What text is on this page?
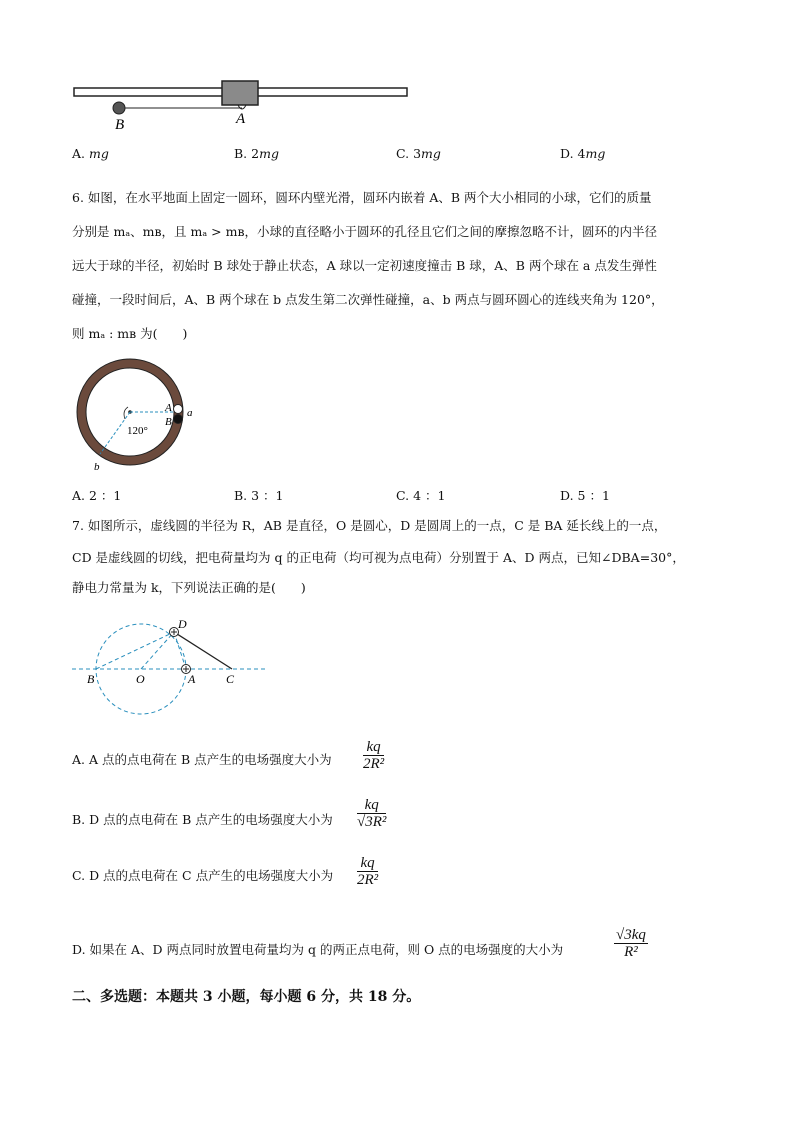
B	A
A. mg	B. 2mg	C. 3mg	D. 4mg
6. 如图，在水平地面上固定一圆环，圆环内壁光滑，圆环内嵌着 A、B 两个大小相同的小球，它们的质量
分别是 mₐ、mʙ，且 mₐ > mʙ，小球的直径略小于圆环的孔径且它们之间的摩擦忽略不计，圆环的内半径
远大于球的半径，初始时 B 球处于静止状态，A 球以一定初速度撞击 B 球，A、B 两个球在 a 点发生弹性
碰撞，一段时间后，A、B 两个球在 b 点发生第二次弹性碰撞，a、b 两点与圆环圆心的连线夹角为 120°，
则 mₐ : mʙ 为(　　)
A
B
a
b
120°
A. 2 ：1	B. 3 ：1	C. 4 ：1	D. 5 ：1
7. 如图所示，虚线圆的半径为 R，AB 是直径，O 是圆心，D 是圆周上的一点，C 是 BA 延长线上的一点，
CD 是虚线圆的切线，把电荷量均为 q 的正电荷（均可视为点电荷）分别置于 A、D 两点，已知∠DBA=30°，
静电力常量为 k，下列说法正确的是(　　)
D
B	O	A	C
A. A 点的点电荷在 B 点产生的电场强度大小为 $\frac{kq}{\text{2R²}}$
B. D 点的点电荷在 B 点产生的电场强度大小为 $\frac{kq}{\text{√3R²}}$
C. D 点的点电荷在 C 点产生的电场强度大小为 $\frac{kq}{\text{2R²}}$
D. 如果在 A、D 两点同时放置电荷量均为 q 的两正点电荷，则 O 点的电场强度的大小为	$\frac{√3kq}{\text{R²}}$
二、多选题：本题共 3 小题，每小题 6 分，共 18 分。
